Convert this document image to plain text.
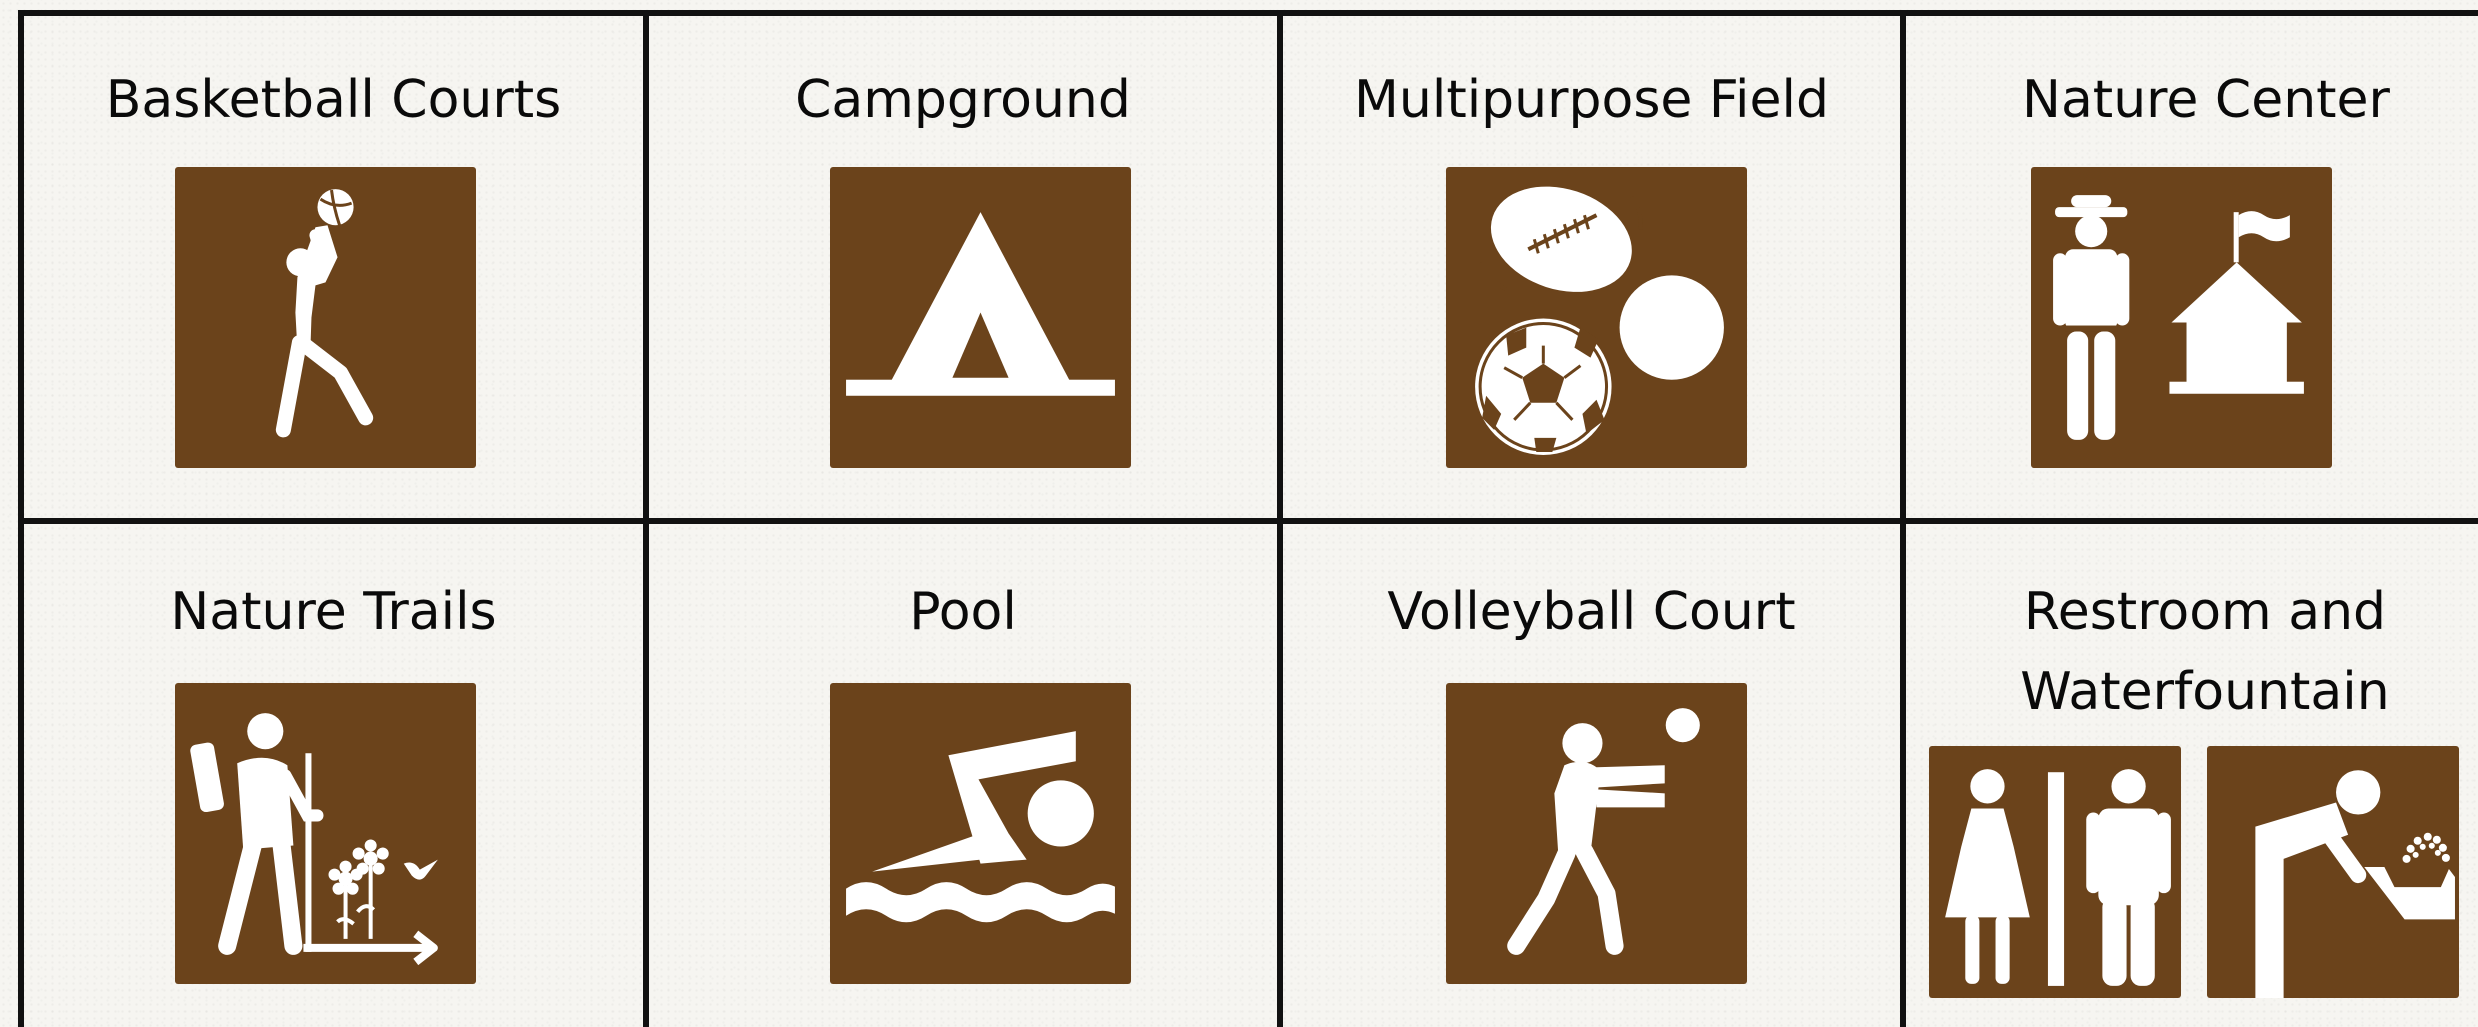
Basketball Courts	Campground	Multipurpose Field	Nature Center
Nature Trails	Pool	Volleyball Court	Restroom and Waterfountain
